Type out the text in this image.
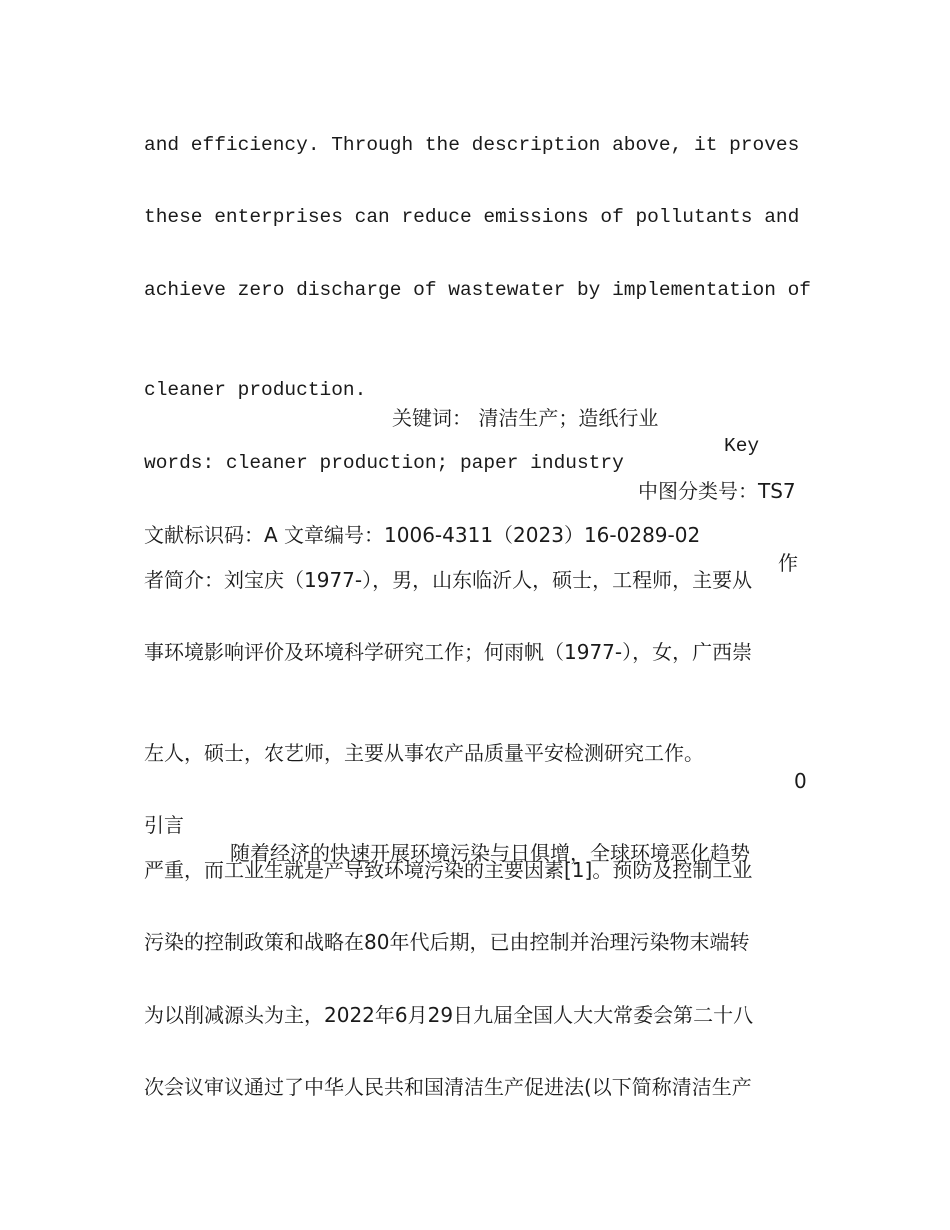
and efficiency. Through the description above, it proves
these enterprises can reduce emissions of pollutants and
achieve zero discharge of wastewater by implementation of

cleaner production.

关键词： 清洁生产；造纸行业

Key

words: cleaner production; paper industry

中图分类号：TS7

文献标识码：A 文章编号：1006-4311（2023）16-0289-02

作

者简介：刘宝庆（1977-），男，山东临沂人，硕士，工程师，主要从
事环境影响评价及环境科学研究工作；何雨帆（1977-），女，广西崇

左人，硕士，农艺师，主要从事农产品质量平安检测研究工作。

0

引言

随着经济的快速开展环境污染与日俱增，全球环境恶化趋势

严重，而工业生就是产导致环境污染的主要因素[1]。预防及控制工业
污染的控制政策和战略在80年代后期，已由控制并治理污染物末端转
为以削减源头为主，2022年6月29日九届全国人大大常委会第二十八
次会议审议通过了中华人民共和国清洁生产促进法(以下简称清洁生产
